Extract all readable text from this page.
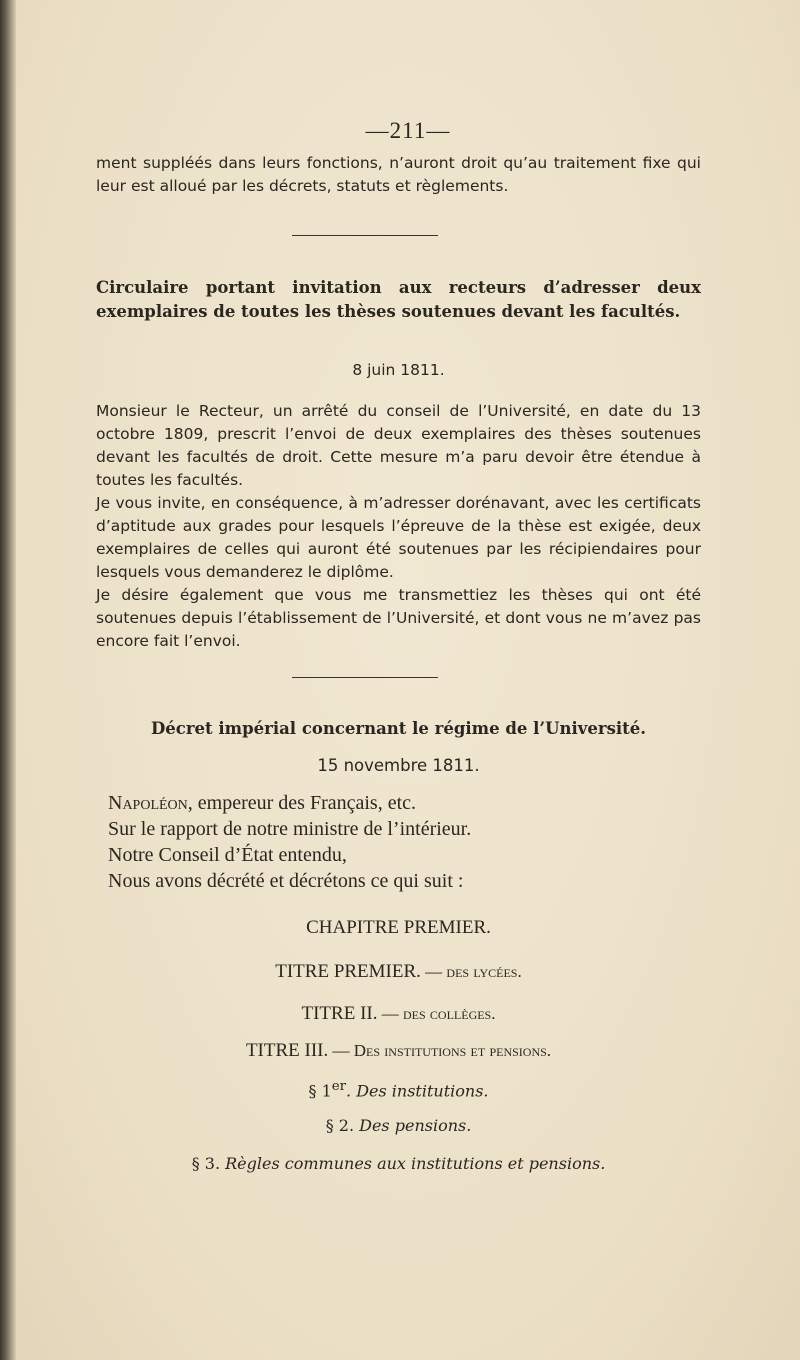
—211—

ment suppléés dans leurs fonctions, n’auront droit qu’au traitement fixe qui leur est alloué par les décrets, statuts et règlements.

Circulaire portant invitation aux recteurs d’adresser deux exemplaires de toutes les thèses soutenues devant les facultés.

8 juin 1811.

Monsieur le Recteur, un arrêté du conseil de l’Université, en date du 13 octobre 1809, prescrit l’envoi de deux exemplaires des thèses soutenues devant les facultés de droit. Cette mesure m’a paru devoir être étendue à toutes les facultés.

Je vous invite, en conséquence, à m’adresser dorénavant, avec les certificats d’aptitude aux grades pour lesquels l’épreuve de la thèse est exigée, deux exemplaires de celles qui auront été soutenues par les récipiendaires pour lesquels vous demanderez le diplôme.

Je désire également que vous me transmettiez les thèses qui ont été soutenues depuis l’établissement de l’Université, et dont vous ne m’avez pas encore fait l’envoi.

Décret impérial concernant le régime de l’Université.

15 novembre 1811.

Napoléon, empereur des Français, etc.

Sur le rapport de notre ministre de l’intérieur.

Notre Conseil d’État entendu,

Nous avons décrété et décrétons ce qui suit :

CHAPITRE PREMIER.
TITRE PREMIER. — des lycées.
TITRE II. — des collèges.
TITRE III. — Des institutions et pensions.
§ 1er. Des institutions.
§ 2. Des pensions.
§ 3. Règles communes aux institutions et pensions.
